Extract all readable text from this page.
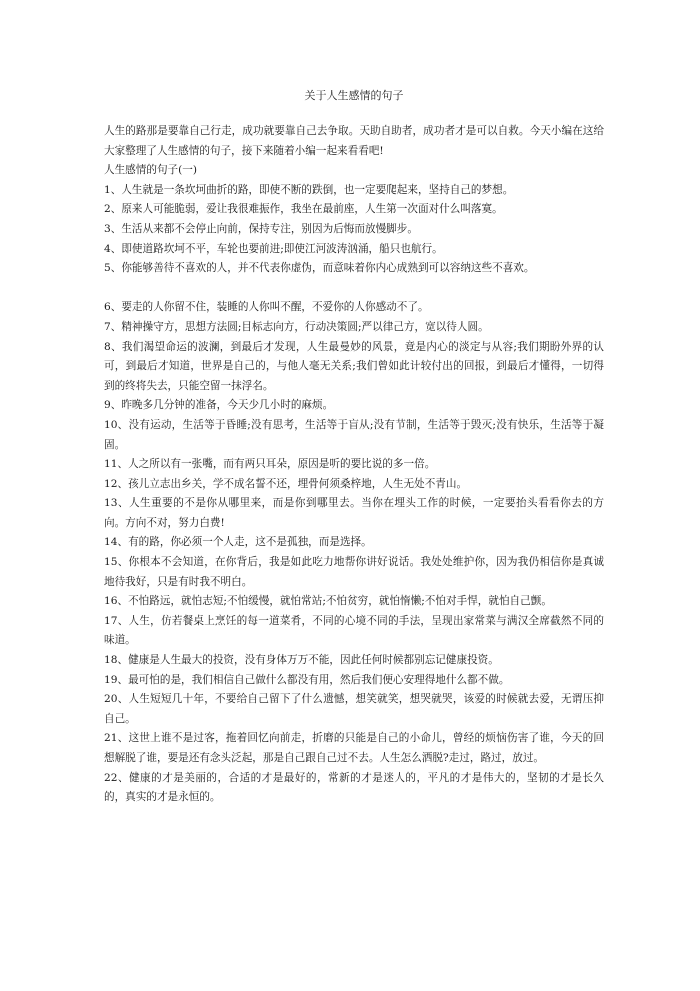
关于人生感情的句子

人生的路那是要靠自己行走，成功就要靠自己去争取。天助自助者，成功者才是可以自救。今天小编在这给大家整理了人生感情的句子，接下来随着小编一起来看看吧!

人生感情的句子(一)

1、人生就是一条坎坷曲折的路，即使不断的跌倒，也一定要爬起来，坚持自己的梦想。

2、原来人可能脆弱，爱让我很难振作，我坐在最前座，人生第一次面对什么叫落寞。

3、生活从来都不会停止向前，保持专注，别因为后悔而放慢脚步。

4、即使道路坎坷不平，车轮也要前进;即使江河波涛汹涌，船只也航行。

5、你能够善待不喜欢的人，并不代表你虚伪，而意味着你内心成熟到可以容纳这些不喜欢。

6、要走的人你留不住，装睡的人你叫不醒，不爱你的人你感动不了。

7、精神操守方，思想方法圆;目标志向方，行动决策圆;严以律己方，宽以待人圆。

8、我们渴望命运的波澜，到最后才发现，人生最曼妙的风景，竟是内心的淡定与从容;我们期盼外界的认可，到最后才知道，世界是自己的，与他人毫无关系;我们曾如此计较付出的回报，到最后才懂得，一切得到的终将失去，只能空留一抹浮名。

9、昨晚多几分钟的准备，今天少几小时的麻烦。

10、没有运动，生活等于昏睡;没有思考，生活等于盲从;没有节制，生活等于毁灭;没有快乐，生活等于凝固。

11、人之所以有一张嘴，而有两只耳朵，原因是听的要比说的多一倍。

12、孩儿立志出乡关，学不成名誓不还，埋骨何须桑梓地，人生无处不青山。

13、人生重要的不是你从哪里来，而是你到哪里去。当你在埋头工作的时候，一定要抬头看看你去的方向。方向不对，努力白费!

14、有的路，你必须一个人走，这不是孤独，而是选择。

15、你根本不会知道，在你背后，我是如此吃力地帮你讲好说话。我处处维护你，因为我仍相信你是真诚地待我好，只是有时我不明白。

16、不怕路远，就怕志短;不怕缓慢，就怕常站;不怕贫穷，就怕惰懒;不怕对手悍，就怕自己颤。

17、人生，仿若餐桌上烹饪的每一道菜肴，不同的心境不同的手法，呈现出家常菜与满汉全席截然不同的味道。

18、健康是人生最大的投资，没有身体万万不能，因此任何时候都别忘记健康投资。

19、最可怕的是，我们相信自己做什么都没有用，然后我们便心安理得地什么都不做。

20、人生短短几十年，不要给自己留下了什么遗憾，想笑就笑，想哭就哭，该爱的时候就去爱，无谓压抑自己。

21、这世上谁不是过客，拖着回忆向前走，折磨的只能是自己的小命儿，曾经的烦恼伤害了谁，今天的回想解脱了谁，要是还有念头泛起，那是自己跟自己过不去。人生怎么洒脱?走过，路过，放过。

22、健康的才是美丽的，合适的才是最好的，常新的才是迷人的，平凡的才是伟大的，坚韧的才是长久的，真实的才是永恒的。
